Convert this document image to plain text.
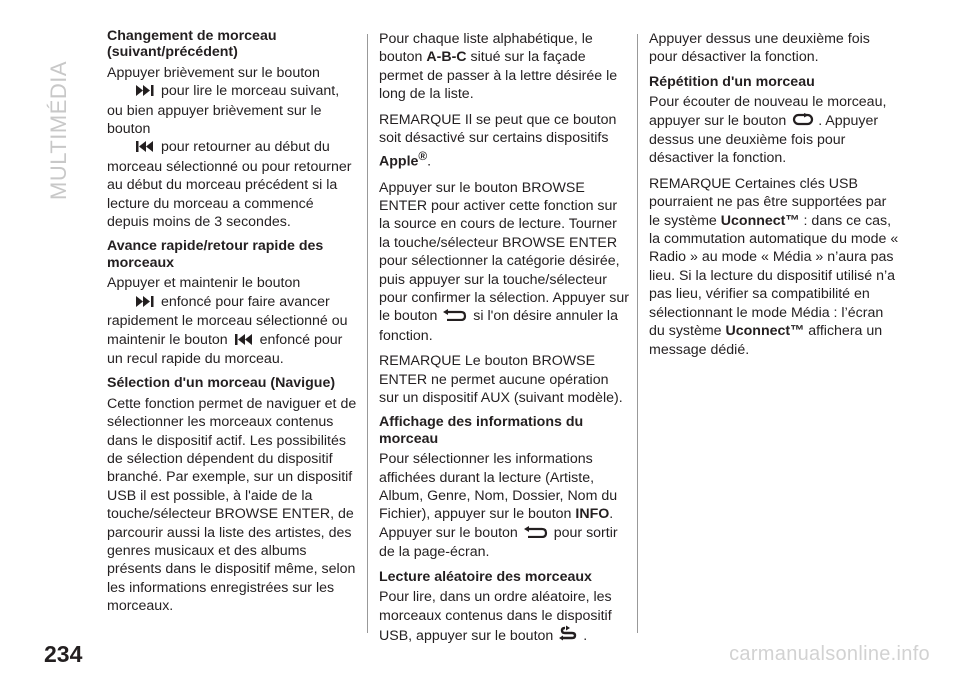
MULTIMÉDIA
234
Changement de morceau
(suivant/précédent)

Appuyer brièvement sur le bouton
pour lire le morceau suivant, ou bien appuyer brièvement sur le bouton
pour retourner au début du morceau sélectionné ou pour retourner au début du morceau précédent si la lecture du morceau a commencé depuis moins de 3 secondes.

Avance rapide/retour rapide des
morceaux

Appuyer et maintenir le bouton
enfoncé pour faire avancer rapidement le morceau sélectionné ou maintenir le bouton enfoncé pour un recul rapide du morceau.

Sélection d'un morceau (Navigue)

Cette fonction permet de naviguer et de sélectionner les morceaux contenus dans le dispositif actif. Les possibilités de sélection dépendent du dispositif branché. Par exemple, sur un dispositif USB il est possible, à l'aide de la touche/sélecteur BROWSE ENTER, de parcourir aussi la liste des artistes, des genres musicaux et des albums présents dans le dispositif même, selon les informations enregistrées sur les morceaux.

Pour chaque liste alphabétique, le bouton A-B-C situé sur la façade permet de passer à la lettre désirée le long de la liste.

REMARQUE Il se peut que ce bouton soit désactivé sur certains dispositifs Apple®.

Appuyer sur le bouton BROWSE ENTER pour activer cette fonction sur la source en cours de lecture. Tourner la touche/sélecteur BROWSE ENTER pour sélectionner la catégorie désirée, puis appuyer sur la touche/sélecteur pour confirmer la sélection. Appuyer sur le bouton	si l'on désire annuler la fonction.

REMARQUE Le bouton BROWSE ENTER ne permet aucune opération sur un dispositif AUX (suivant modèle).

Affichage des informations du
morceau

Pour sélectionner les informations affichées durant la lecture (Artiste, Album, Genre, Nom, Dossier, Nom du Fichier), appuyer sur le bouton INFO. Appuyer sur le bouton	pour sortir de la page-écran.

Lecture aléatoire des morceaux

Pour lire, dans un ordre aléatoire, les morceaux contenus dans le dispositif USB, appuyer sur le bouton .

Appuyer dessus une deuxième fois pour désactiver la fonction.

Répétition d'un morceau

Pour écouter de nouveau le morceau, appuyer sur le bouton . Appuyer dessus une deuxième fois pour désactiver la fonction.

REMARQUE Certaines clés USB pourraient ne pas être supportées par le système Uconnect™ : dans ce cas, la commutation automatique du mode « Radio » au mode « Média » n’aura pas lieu. Si la lecture du dispositif utilisé n’a pas lieu, vérifier sa compatibilité en sélectionnant le mode Média : l’écran du système Uconnect™ affichera un message dédié.

carmanualsonline.info
